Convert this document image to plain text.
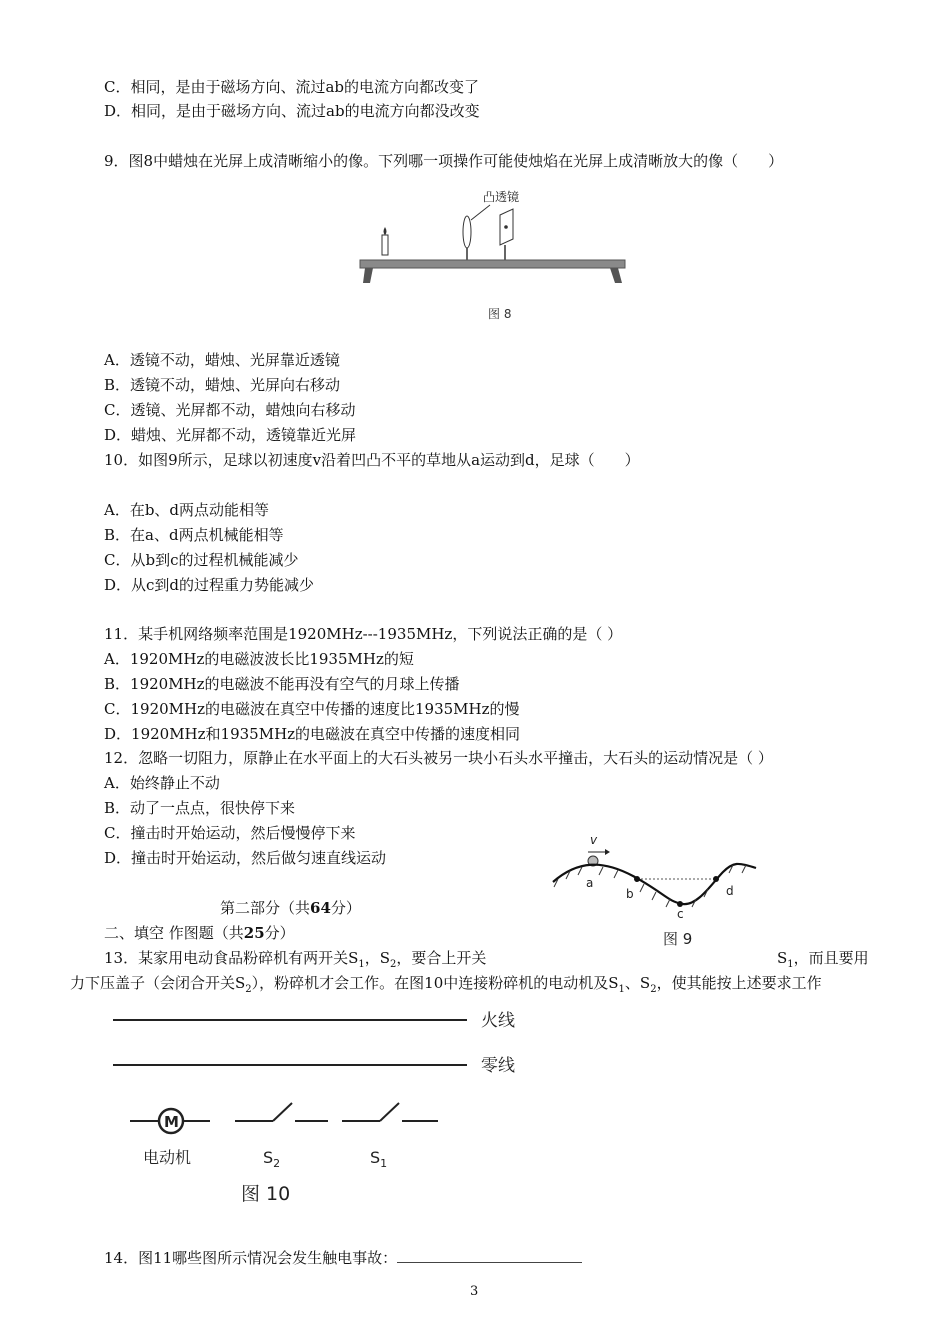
C．相同，是由于磁场方向、流过ab的电流方向都改变了
D．相同，是由于磁场方向、流过ab的电流方向都没改变
9．图8中蜡烛在光屏上成清晰缩小的像。下列哪一项操作可能使烛焰在光屏上成清晰放大的像（　　）
凸透镜
图 8
A．透镜不动，蜡烛、光屏靠近透镜
B．透镜不动，蜡烛、光屏向右移动
C．透镜、光屏都不动，蜡烛向右移动
D．蜡烛、光屏都不动，透镜靠近光屏
10．如图9所示，足球以初速度v沿着凹凸不平的草地从a运动到d，足球（　　）
A．在b、d两点动能相等
B．在a、d两点机械能相等
C．从b到c的过程机械能减少
D．从c到d的过程重力势能减少
11．某手机网络频率范围是1920MHz---1935MHz，下列说法正确的是（ ）
A．1920MHz的电磁波波长比1935MHz的短
B．1920MHz的电磁波不能再没有空气的月球上传播
C．1920MHz的电磁波在真空中传播的速度比1935MHz的慢
D．1920MHz和1935MHz的电磁波在真空中传播的速度相同
12．忽略一切阻力，原静止在水平面上的大石头被另一块小石头水平撞击，大石头的运动情况是（ ）
A．始终静止不动
B．动了一点点，很快停下来
C．撞击时开始运动，然后慢慢停下来
D．撞击时开始运动，然后做匀速直线运动
v
a
b
c
d
图 9
第二部分（共64分）
二、填空 作图题（共25分）
13．某家用电动食品粉碎机有两开关$S_1$，$S_2$，要合上开关	$S_1$，而且要用
力下压盖子（会闭合开关$S_2$），粉碎机才会工作。在图10中连接粉碎机的电动机及$S_1$、$S_2$，使其能按上述要求工作
火线
零线
M
电动机	$S_2$	$S_1$
图 10
14．图11哪些图所示情况会发生触电事故：
3
